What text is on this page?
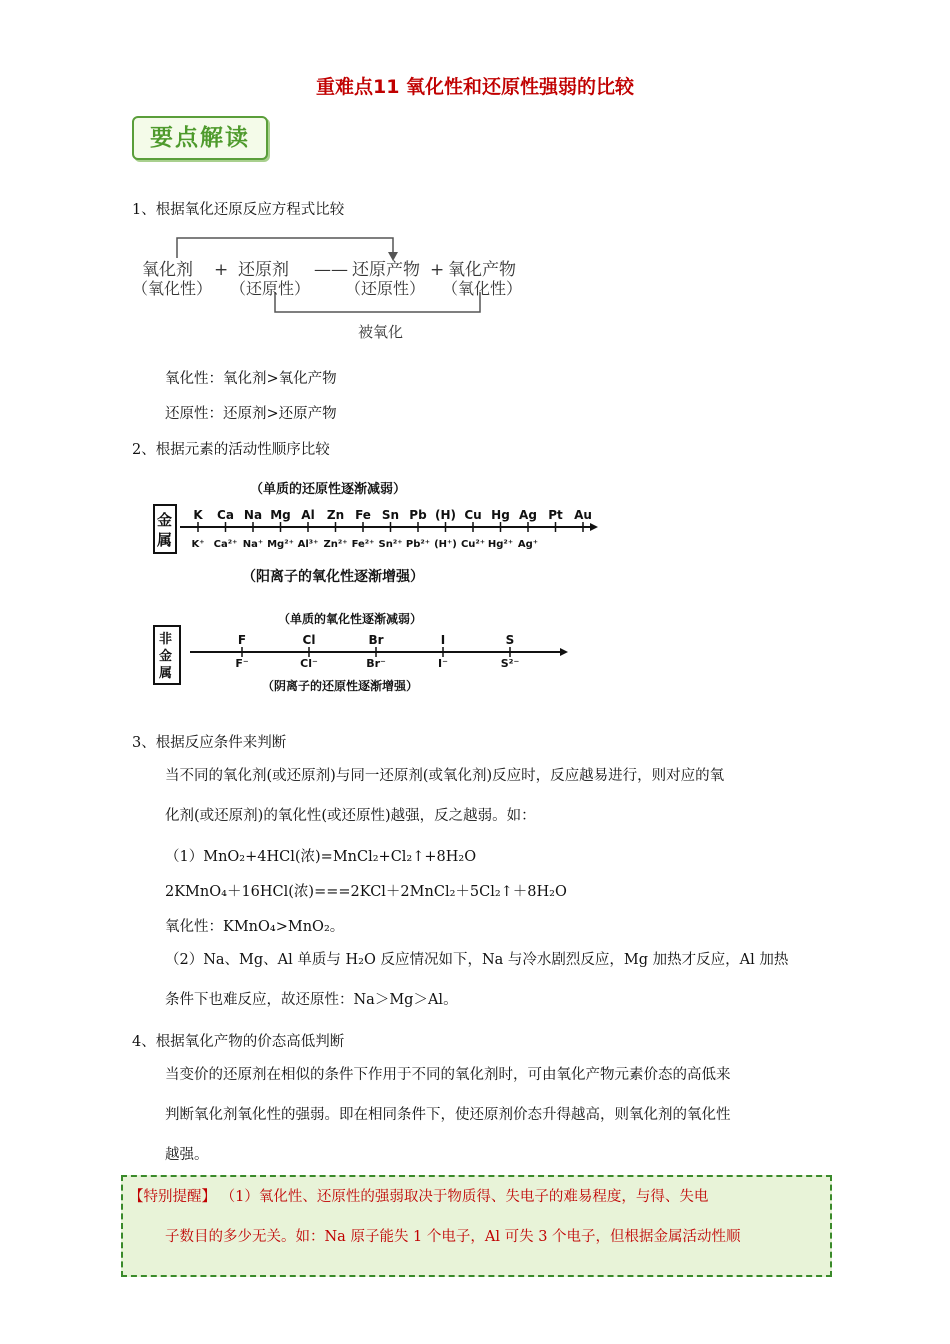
重难点11 氧化性和还原性强弱的比较
要点解读
1、根据氧化还原反应方程式比较
氧化剂 + 还原剂 —— 还原产物 + 氧化产物
（氧化性） （还原性） （还原性） （氧化性）
被氧化
氧化性：氧化剂>氧化产物
还原性：还原剂>还原产物
2、根据元素的活动性顺序比较
金
属
（单质的还原性逐渐减弱）
K Ca Na Mg Al Zn Fe Sn Pb (H) Cu Hg Ag Pt Au
K⁺ Ca²⁺ Na⁺ Mg²⁺ Al³⁺ Zn²⁺ Fe²⁺ Sn²⁺ Pb²⁺ (H⁺) Cu²⁺ Hg²⁺ Ag⁺
（阳离子的氧化性逐渐增强）
非
金
属
（单质的氧化性逐渐减弱）
F	Cl	Br	I	S
F⁻	Cl⁻	Br⁻	I⁻	S²⁻
（阴离子的还原性逐渐增强）
3、根据反应条件来判断
当不同的氧化剂(或还原剂)与同一还原剂(或氧化剂)反应时，反应越易进行，则对应的氧
化剂(或还原剂)的氧化性(或还原性)越强，反之越弱。如：
（1）MnO₂+4HCl(浓)=MnCl₂+Cl₂↑+8H₂O
2KMnO₄＋16HCl(浓)===2KCl＋2MnCl₂＋5Cl₂↑＋8H₂O
氧化性：KMnO₄>MnO₂。
（2）Na、Mg、Al 单质与 H₂O 反应情况如下，Na 与冷水剧烈反应，Mg 加热才反应，Al 加热
条件下也难反应，故还原性：Na＞Mg＞Al。
4、根据氧化产物的价态高低判断
当变价的还原剂在相似的条件下作用于不同的氧化剂时，可由氧化产物元素价态的高低来
判断氧化剂氧化性的强弱。即在相同条件下，使还原剂价态升得越高，则氧化剂的氧化性
越强。
【特别提醒】 （1）氧化性、还原性的强弱取决于物质得、失电子的难易程度，与得、失电
子数目的多少无关。如：Na 原子能失 1 个电子，Al 可失 3 个电子，但根据金属活动性顺
